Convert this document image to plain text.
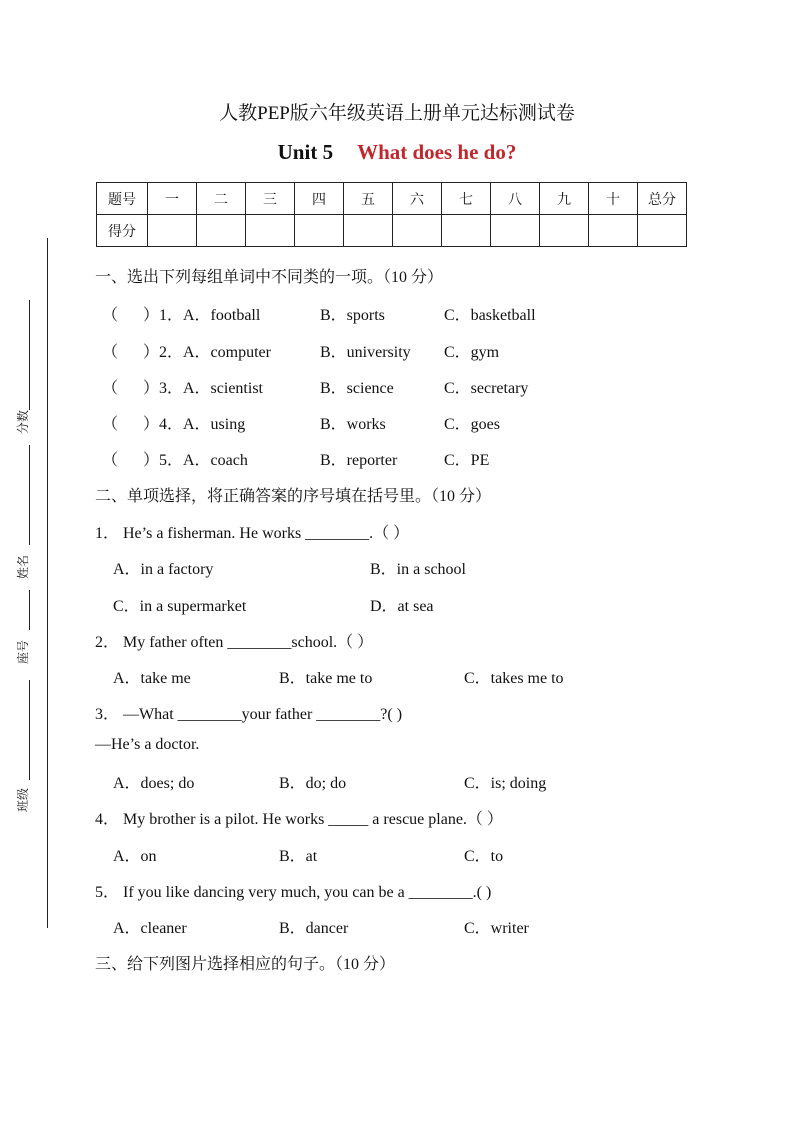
人教PEP版六年级英语上册单元达标测试卷
Unit 5 What does he do?
题号	一	二	三	四	五	六	七	八	九	十	总分
得分											
分数
姓名
座号
班级
一、选出下列每组单词中不同类的一项。（10 分）
（ ）1．A．football	B．sports	C．basketball
（ ）2．A．computer	B．university C．gym
（ ）3．A．scientist	B．science	C．secretary
（ ）4．A．using	B．works	C．goes
（ ）5．A．coach	B．reporter	C．PE
二、单项选择，将正确答案的序号填在括号里。（10 分）
1． He’s a fisherman. He works ________.（ ）
A．in a factory	B．in a school
C．in a supermarket	D．at sea
2． My father often ________school.（ ）
A．take me	B．take me to	C．takes me to
3． —What ________your father ________?( )
—He’s a doctor.
A．does; do	B．do; do	C．is; doing
4． My brother is a pilot. He works _____ a rescue plane.（ ）
A．on	B．at	C．to
5． If you like dancing very much, you can be a ________.( )
A．cleaner	B．dancer	C．writer
三、给下列图片选择相应的句子。（10 分）
